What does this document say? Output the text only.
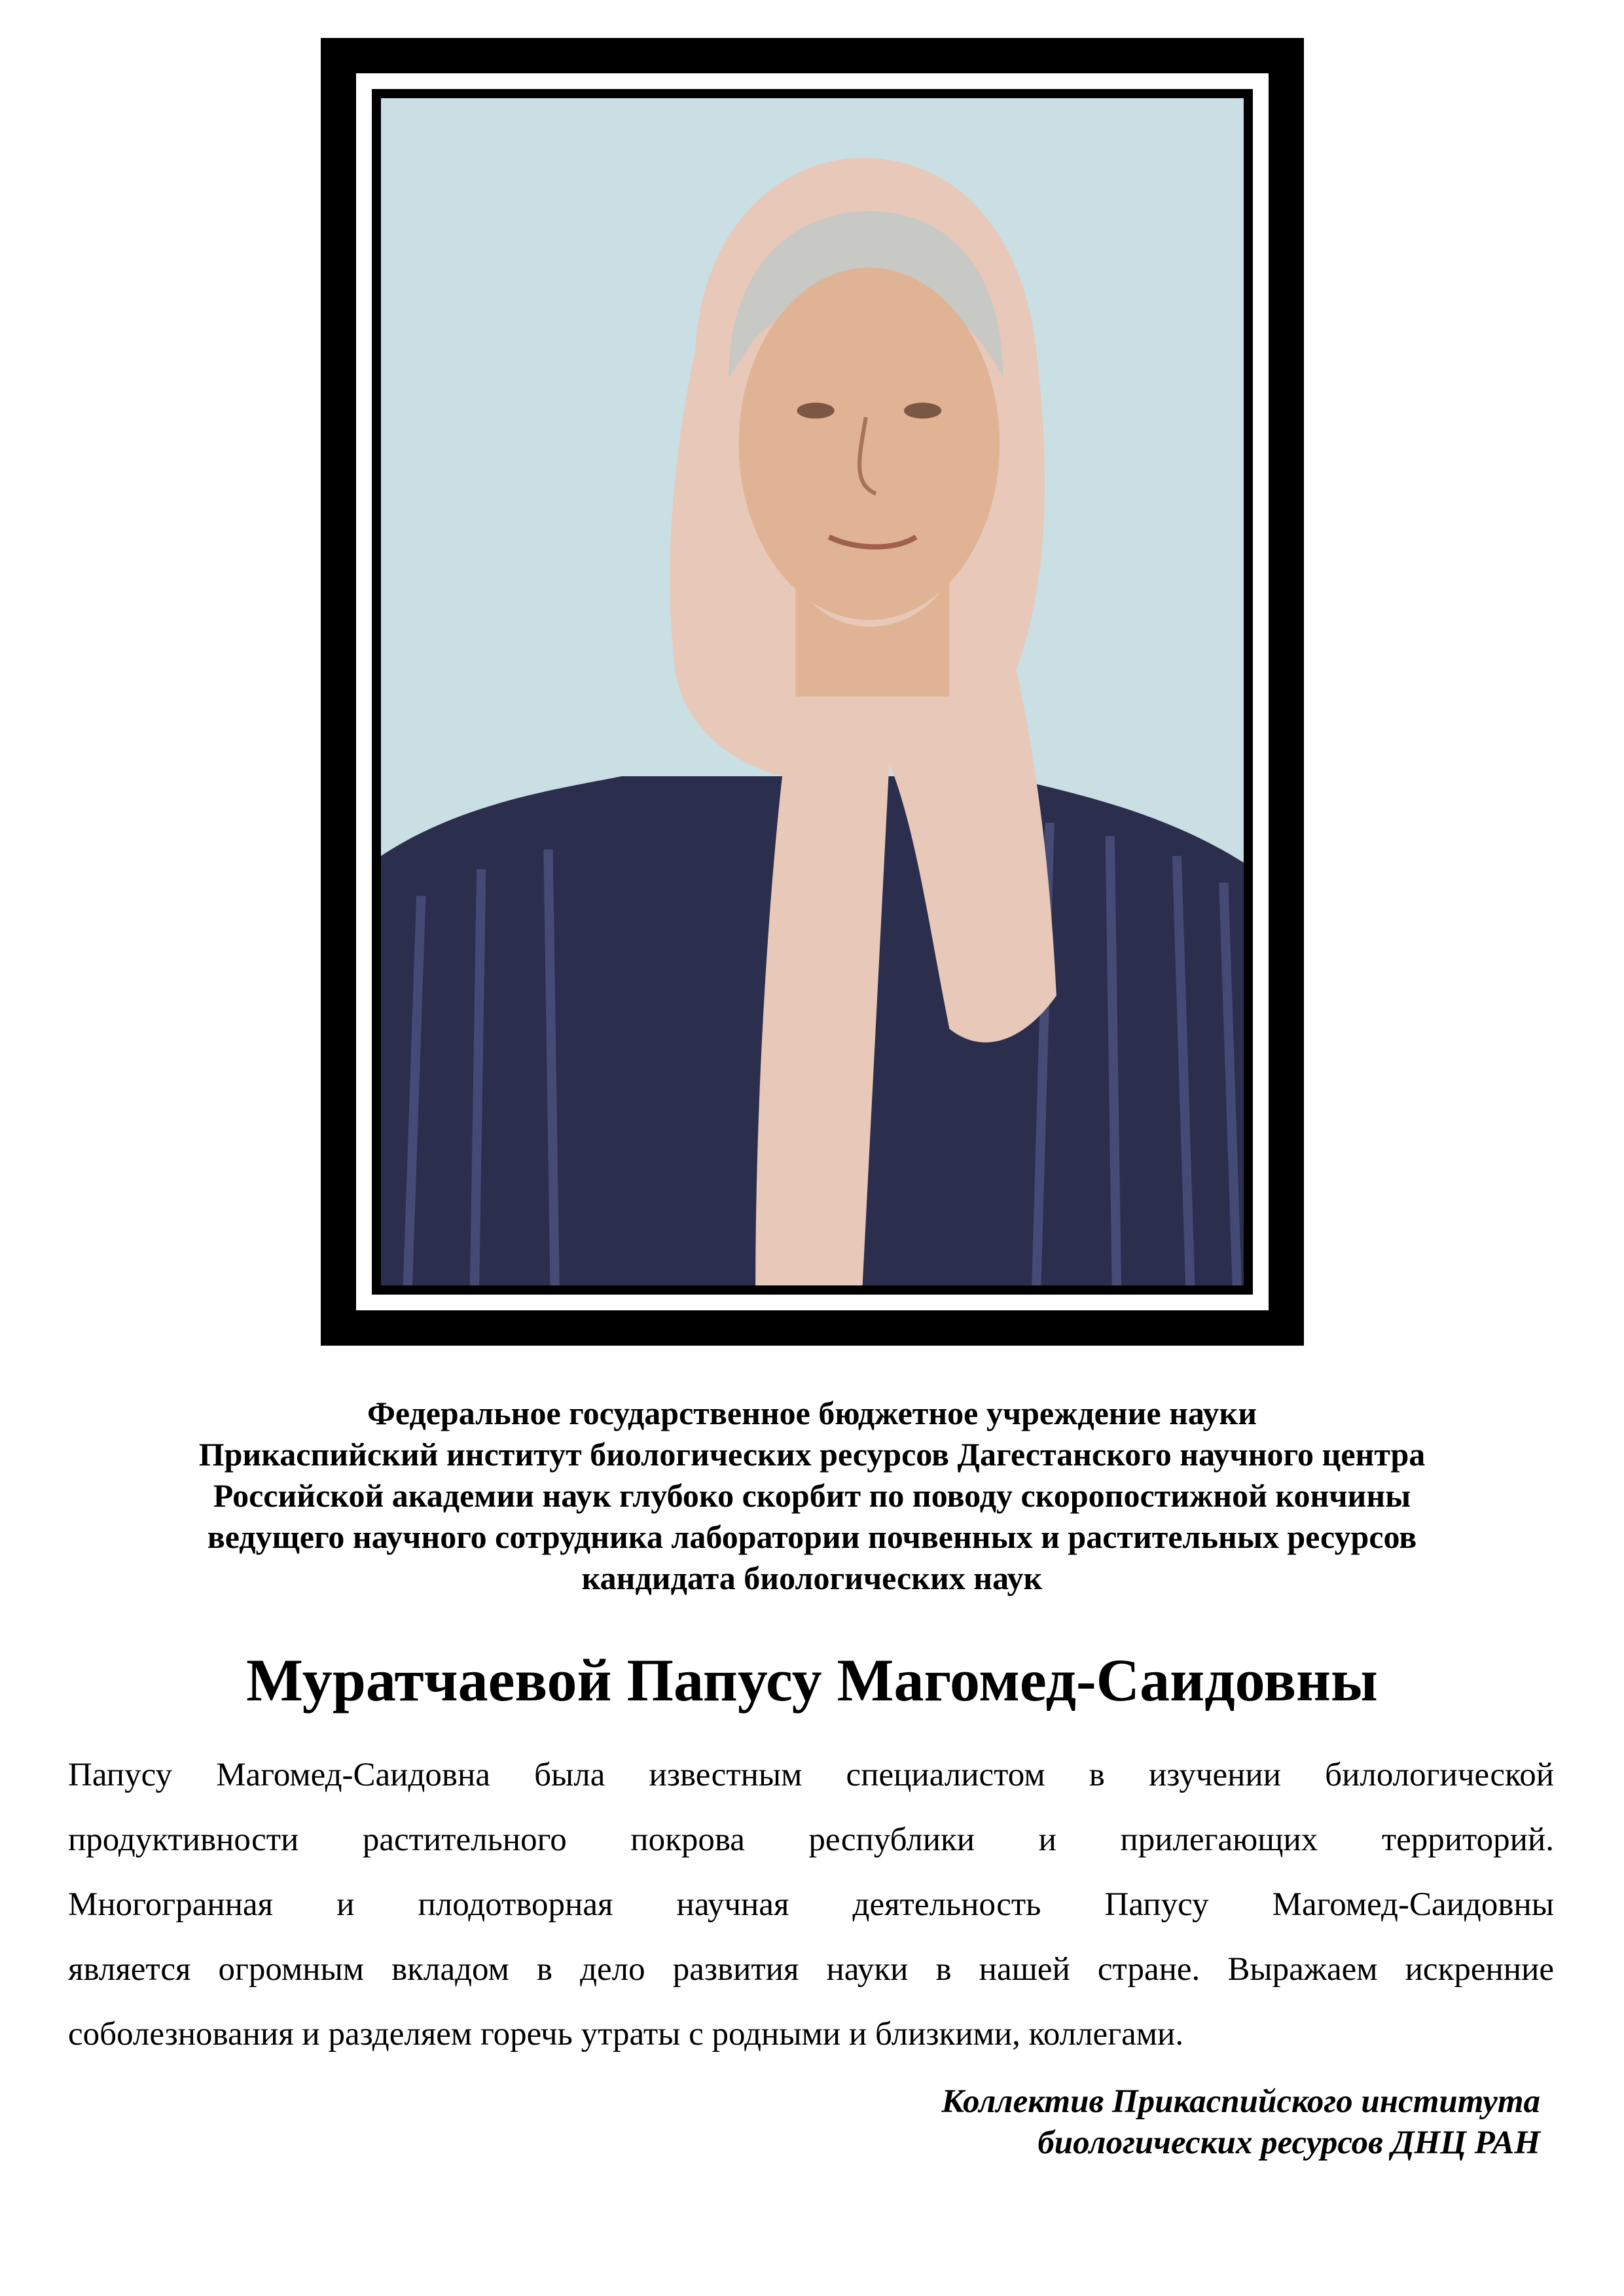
Федеральное государственное бюджетное учреждение науки
Прикаспийский институт биологических ресурсов Дагестанского научного центра
Российской академии наук глубоко скорбит по поводу скоропостижной кончины
ведущего научного сотрудника лаборатории почвенных и растительных ресурсов
кандидата биологических наук
Муратчаевой Папусу Магомед-Саидовны
Папусу Магомед-Саидовна была известным специалистом в изучении билологической
продуктивности растительного покрова республики и прилегающих территорий.
Многогранная и плодотворная научная деятельность Папусу Магомед-Саидовны
является огромным вкладом в дело развития науки в нашей стране. Выражаем искренние
соболезнования и разделяем горечь утраты с родными и близкими, коллегами.
Коллектив Прикаспийского института
биологических ресурсов ДНЦ РАН
